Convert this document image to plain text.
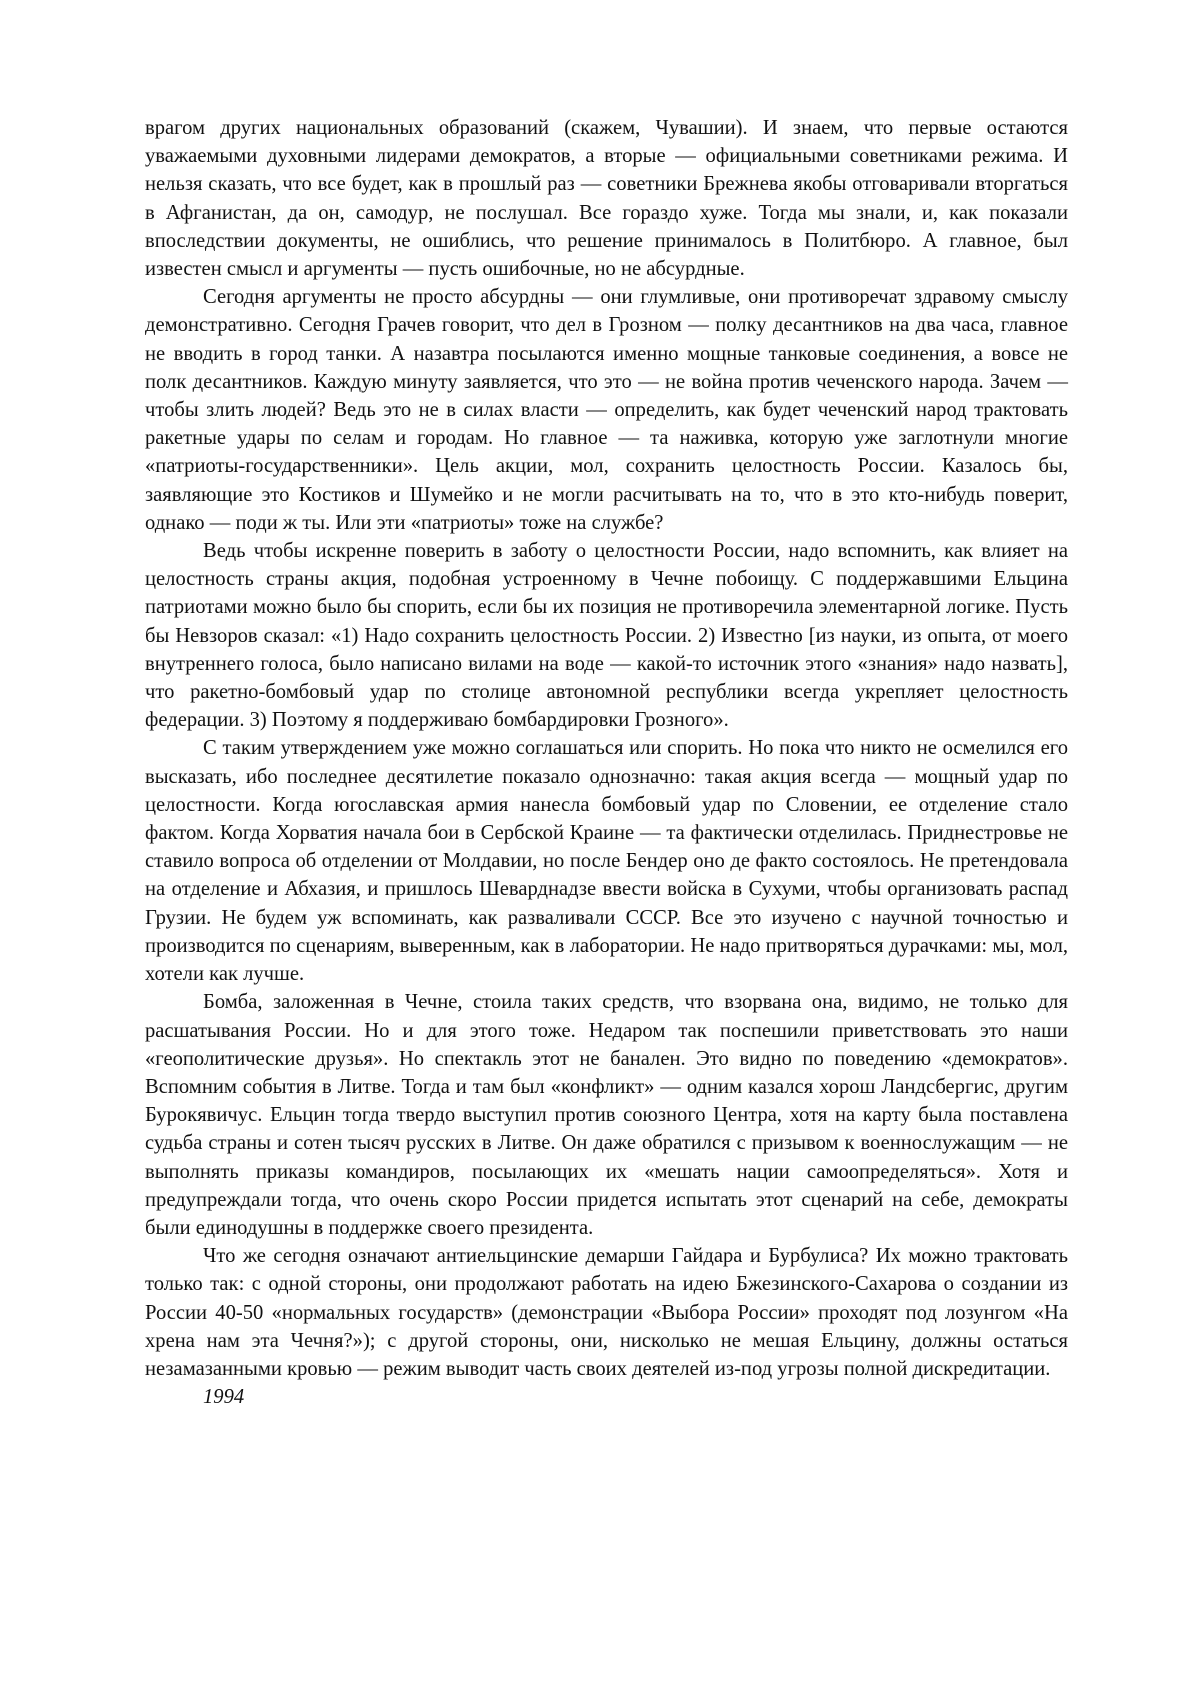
врагом других национальных образований (скажем, Чувашии). И знаем, что первые остаются уважаемыми духовными лидерами демократов, а вторые — официальными советниками режима. И нельзя сказать, что все будет, как в прошлый раз — советники Брежнева якобы отговаривали вторгаться в Афганистан, да он, самодур, не послушал. Все гораздо хуже. Тогда мы знали, и, как показали впоследствии документы, не ошиблись, что решение принималось в Политбюро. А главное, был известен смысл и аргументы — пусть ошибочные, но не абсурдные.

Сегодня аргументы не просто абсурдны — они глумливые, они противоречат здравому смыслу демонстративно. Сегодня Грачев говорит, что дел в Грозном — полку десантников на два часа, главное не вводить в город танки. А назавтра посылаются именно мощные танковые соединения, а вовсе не полк десантников. Каждую минуту заявляется, что это — не война против чеченского народа. Зачем — чтобы злить людей? Ведь это не в силах власти — определить, как будет чеченский народ трактовать ракетные удары по селам и городам. Но главное — та наживка, которую уже заглотнули многие «патриоты-государственники». Цель акции, мол, сохранить целостность России. Казалось бы, заявляющие это Костиков и Шумейко и не могли расчитывать на то, что в это кто-нибудь поверит, однако — поди ж ты. Или эти «патриоты» тоже на службе?

Ведь чтобы искренне поверить в заботу о целостности России, надо вспомнить, как влияет на целостность страны акция, подобная устроенному в Чечне побоищу. С поддержавшими Ельцина патриотами можно было бы спорить, если бы их позиция не противоречила элементарной логике. Пусть бы Невзоров сказал: «1) Надо сохранить целостность России. 2) Известно [из науки, из опыта, от моего внутреннего голоса, было написано вилами на воде — какой-то источник этого «знания» надо назвать], что ракетно-бомбовый удар по столице автономной республики всегда укрепляет целостность федерации. 3) Поэтому я поддерживаю бомбардировки Грозного».

С таким утверждением уже можно соглашаться или спорить. Но пока что никто не осмелился его высказать, ибо последнее десятилетие показало однозначно: такая акция всегда — мощный удар по целостности. Когда югославская армия нанесла бомбовый удар по Словении, ее отделение стало фактом. Когда Хорватия начала бои в Сербской Краине — та фактически отделилась. Приднестровье не ставило вопроса об отделении от Молдавии, но после Бендер оно де факто состоялось. Не претендовала на отделение и Абхазия, и пришлось Шеварднадзе ввести войска в Сухуми, чтобы организовать распад Грузии. Не будем уж вспоминать, как разваливали СССР. Все это изучено с научной точностью и производится по сценариям, выверенным, как в лаборатории. Не надо притворяться дурачками: мы, мол, хотели как лучше.

Бомба, заложенная в Чечне, стоила таких средств, что взорвана она, видимо, не только для расшатывания России. Но и для этого тоже. Недаром так поспешили приветствовать это наши «геополитические друзья». Но спектакль этот не банален. Это видно по поведению «демократов». Вспомним события в Литве. Тогда и там был «конфликт» — одним казался хорош Ландсбергис, другим Бурокявичус. Ельцин тогда твердо выступил против союзного Центра, хотя на карту была поставлена судьба страны и сотен тысяч русских в Литве. Он даже обратился с призывом к военнослужащим — не выполнять приказы командиров, посылающих их «мешать нации самоопределяться». Хотя и предупреждали тогда, что очень скоро России придется испытать этот сценарий на себе, демократы были единодушны в поддержке своего президента.

Что же сегодня означают антиельцинские демарши Гайдара и Бурбулиса? Их можно трактовать только так: с одной стороны, они продолжают работать на идею Бжезинского-Сахарова о создании из России 40-50 «нормальных государств» (демонстрации «Выбора России» проходят под лозунгом «На хрена нам эта Чечня?»); с другой стороны, они, нисколько не мешая Ельцину, должны остаться незамазанными кровью — режим выводит часть своих деятелей из-под угрозы полной дискредитации.

1994
